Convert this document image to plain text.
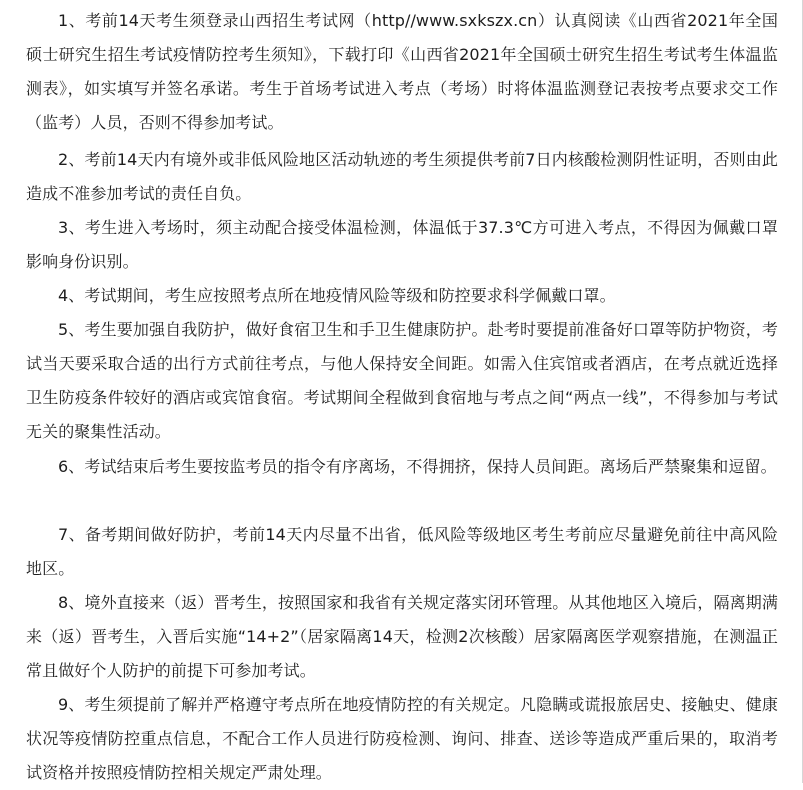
1、考前14天考生须登录山西招生考试网（http//www.sxkszx.cn）认真阅读《山西省2021年全国硕士研究生招生考试疫情防控考生须知》，下载打印《山西省2021年全国硕士研究生招生考试考生体温监测表》，如实填写并签名承诺。考生于首场考试进入考点（考场）时将体温监测登记表按考点要求交工作（监考）人员，否则不得参加考试。

2、考前14天内有境外或非低风险地区活动轨迹的考生须提供考前7日内核酸检测阴性证明，否则由此造成不准参加考试的责任自负。

3、考生进入考场时，须主动配合接受体温检测，体温低于37.3℃方可进入考点，不得因为佩戴口罩影响身份识别。

4、考试期间，考生应按照考点所在地疫情风险等级和防控要求科学佩戴口罩。

5、考生要加强自我防护，做好食宿卫生和手卫生健康防护。赴考时要提前准备好口罩等防护物资，考试当天要采取合适的出行方式前往考点，与他人保持安全间距。如需入住宾馆或者酒店，在考点就近选择卫生防疫条件较好的酒店或宾馆食宿。考试期间全程做到食宿地与考点之间“两点一线”，不得参加与考试无关的聚集性活动。

6、考试结束后考生要按监考员的指令有序离场，不得拥挤，保持人员间距。离场后严禁聚集和逗留。

7、备考期间做好防护，考前14天内尽量不出省，低风险等级地区考生考前应尽量避免前往中高风险地区。

8、境外直接来（返）晋考生，按照国家和我省有关规定落实闭环管理。从其他地区入境后，隔离期满来（返）晋考生，入晋后实施“14+2”（居家隔离14天，检测2次核酸）居家隔离医学观察措施，在测温正常且做好个人防护的前提下可参加考试。

9、考生须提前了解并严格遵守考点所在地疫情防控的有关规定。凡隐瞒或谎报旅居史、接触史、健康状况等疫情防控重点信息，不配合工作人员进行防疫检测、询问、排查、送诊等造成严重后果的，取消考试资格并按照疫情防控相关规定严肃处理。
